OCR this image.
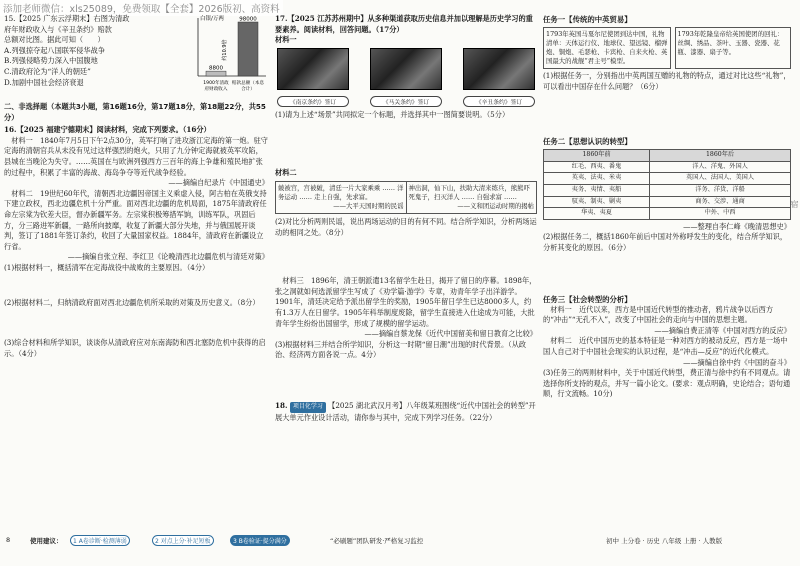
添加老师微信：xls25089，免费领取【全套】2026版初、高资料
15.【2025 广东云浮期末】右图为清政
府年财政收入与《辛丑条约》赔款
总额对比图。据此可知（　　）
A.列强掠夺起八国联军侵华战争
B.列强侵略势力深入中国腹地
C.清政府沦为“洋人的朝廷”
D.加剧中国社会经济衰退
白银/万两
8800
1900年清政
府财政收入
98000
赔款总额（本息
合计）
约10.9倍
二、非选择题（本题共3小题，第16题16分，第17题18分，第18题22分，共55分）
16.【2025 福建宁德期末】阅读材料，完成下列要求。（16分）
材料一　1840年7月5日下午2点30分，英军打响了进攻浙江定海的第一炮。驻守定海的清朝官兵从未没有见过这样强烈的炮火，只用了九分钟定海就被英军攻陷，县城在当晚沦为失守。……英国在与欧洲列强西方三百年的海上争雄和殖民地扩张的过程中，积累了丰富的海战、海岛争夺等近代战争经验。
——摘编自纪录片《中国通史》
材料二　19世纪60年代，清朝西北边疆因帝国主义乘虚入侵，阿古柏在英俄支持下建立政权，西北边疆危机十分严重。面对西北边疆的危机局面，1875年清政府任命左宗棠为钦差大臣，督办新疆军务。左宗棠积极筹措军饷，训练军队，巩固后方，分三路进军新疆，一路所向披靡，收复了新疆大部分失地，并与俄国展开谈判，签订了1881年签订条约，收回了大量国家权益。1884年，清政府在新疆设立行省。
——摘编自张立程、李红卫《论晚清西北边疆危机与清廷对策》
(1)根据材料一，概括清军在定海战役中战败的主要原因。（4分）
(2)根据材料二，归纳清政府面对西北边疆危机所采取的对策及历史意义。（8分）
(3)综合材料和所学知识，谈谈你从清政府应对东南海防和西北塞防危机中获得的启示。（4分）
17.【2025 江苏苏州期中】从多种渠道获取历史信息并加以理解是历史学习的重要素养。阅读材料，回答问题。（17分）
材料一
《南京条约》签订	《马关条约》签订	《辛丑条约》签订
(1)请为上述“场景”共同拟定一个标题，并选择其中一图简要说明。（5分）
材料二
皴被宫，宫被皴，清廷一片大家乘乘 …… 洋 务运动 …… 走上自强，先求富。
——大平天国时期的民谣
神出洞，仙下山，扶助大清来练兵，熊熊吓死鬼子，扫灭洋人 …… 自强求富 ……
——义和团运动时期的揭帖
(2)对比分析两则民谣，说出两场运动的目的有何不同。结合所学知识，分析两场运动的相同之处。（8分）
材料三　1896年，清王朝派遣13名留学生赴日，揭开了留日的序幕。1898年，张之洞就如何选派留学生写成了《劝学篇·游学》专章，劝青年学子出洋游学。1901年，清廷决定给予派出留学生的奖励，1905年留日学生已达8000多人，约有1.3万人在日留学。1905年科举制度废除，留学生直接进入仕途成为可能，大批青年学生纷纷出国留学，形成了规模的留学运动。
——摘编自蔡龙保《近代中国留美和留日教育之比较》
(3)根据材料三并结合所学知识，分析这一时期“留日潮”出现的时代背景。（从政治、经济两方面各说一点。4分）
18. 项目化学习 【2025 湖北武汉月考】八年级某班围绕“近代中国社会的转型”开展大单元作业设计活动，请你参与其中，完成下列学习任务。（22分）
任务一【传统的中英贸易】
1793年英国马戛尔尼使团到达中国，礼物清单：天体运行仪、地球仪、望远镜、榴弹炮、铜炮、毛瑟枪、卡宾枪、自来火枪、英国最大的战舰“君主号”模型。
1793年乾隆皇帝给英国使团的回礼：丝绸、绣品、茶叶、玉器、瓷器、花瓶、漆器、扇子等。
(1)根据任务一，分别指出中英两国互赠的礼物的特点，通过对比这些“礼物”，可以看出中国存在什么问题？（6分）
任务二【思想认识的转型】
1860年前	1860年后
红毛、西夷、番鬼	洋人、洋鬼、外国人
英夷、法夷、米夷	英国人、法国人、美国人
夷务、夷情、夷船	洋务、洋货、洋船
驭夷、制夷、剿夷	商务、交涉、通商
华夷、夷夏	中外、中西
——整理自李仁峰《晚清思想史》
(2)根据任务二，概括1860年前后中国对外称呼发生的变化，结合所学知识，分析其变化的原因。（6分）
任务三【社会转型的分析】
材料一　近代以来，西方是中国近代转型的推动者，鸦片战争以后西方的“冲击”“无孔不入”，改变了中国社会的走向与中国的思想主题。
——摘编自费正清等《中国对西方的反应》
材料二　近代中国历史的基本特征是一种对西方的被动反应，西方是一场中国人自己对于中国社会现实的认识过程，是“冲击—反应”的近代化模式。
——摘编自徐中约《中国的奋斗》
(3)任务三的两则材料中，关于中国近代转型，费正清与徐中约有不同观点。请选择你所支持的观点，并写一篇小论文。(要求：观点明确，史论结合；语句通顺，行文流畅。10分)
宿
8	使用建议：	1 A卷诊断·检测薄弱	2 对点上分·补足短板	3 B卷验证·提分满分	“必刷题”团队研发·严格复习监控	初中 上分卷 · 历史 八年级 上册 · 人教版
